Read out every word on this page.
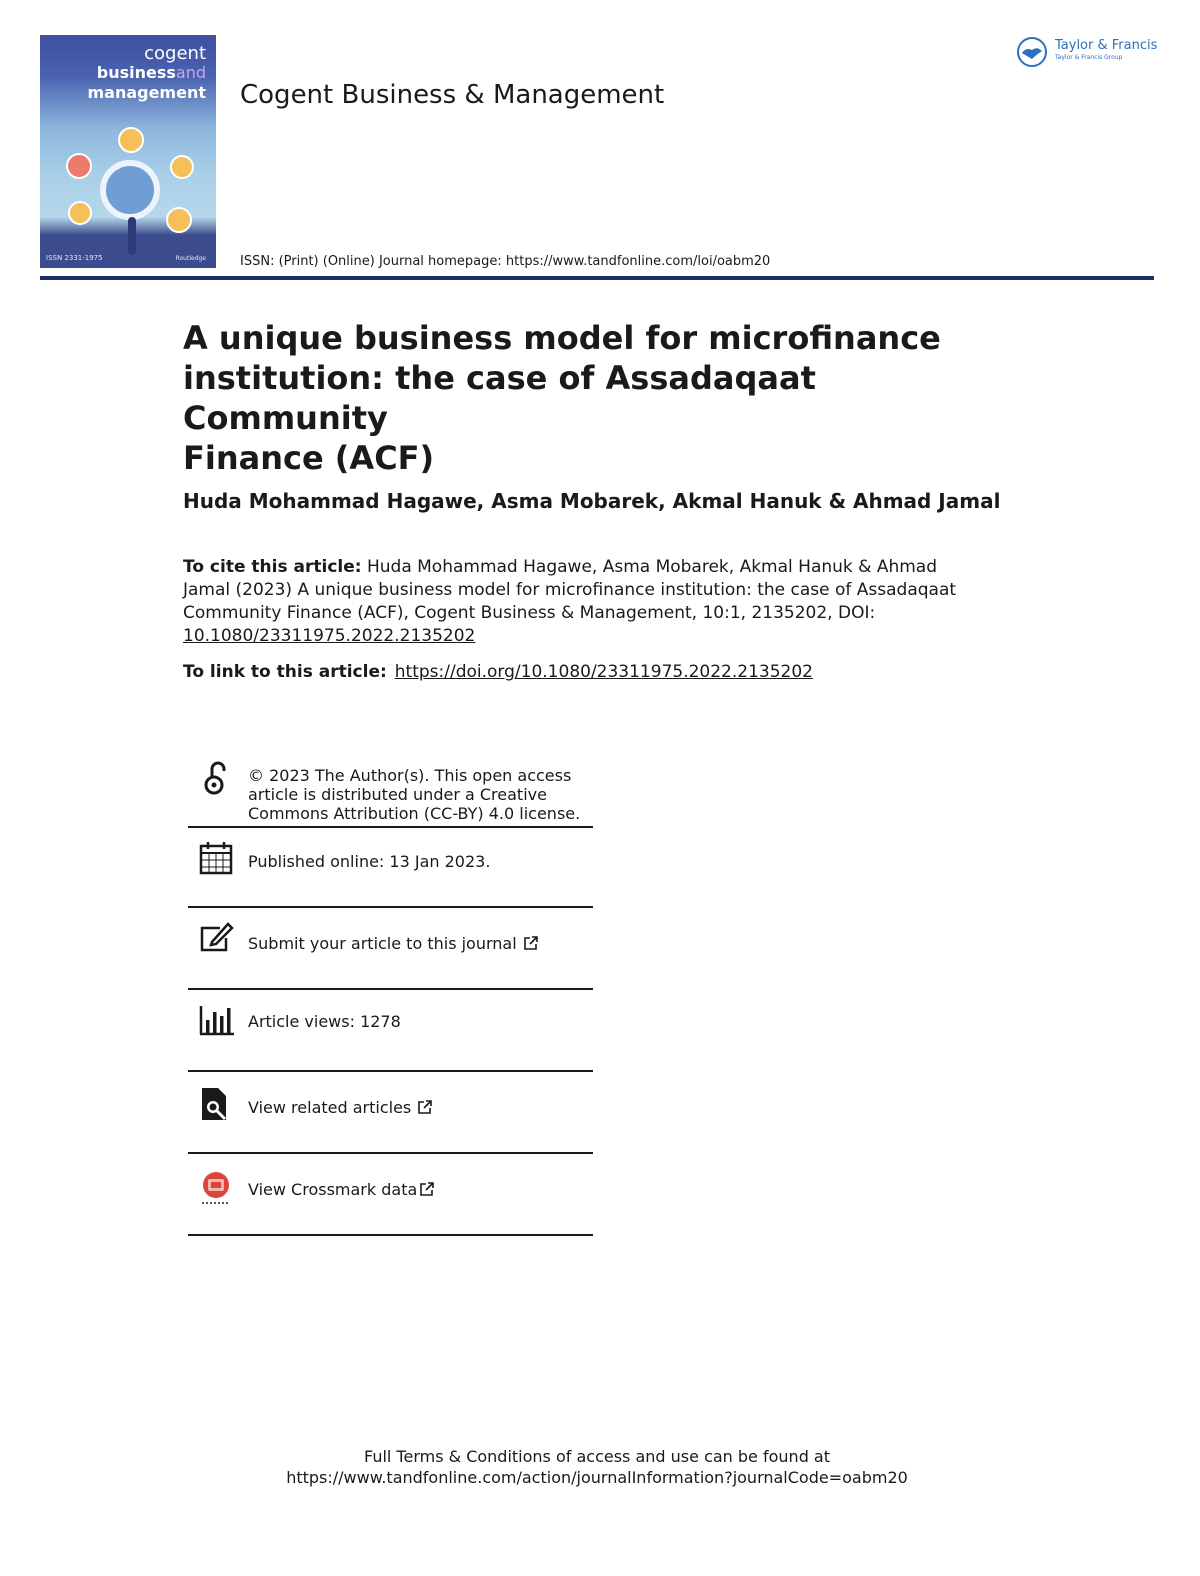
cogent
businessand
management
ISSN 2331-1975	Routledge
Cogent Business & Management
ISSN: (Print) (Online) Journal homepage: https://www.tandfonline.com/loi/oabm20
Taylor & Francis
Taylor & Francis Group
A unique business model for microfinance
institution: the case of Assadaqaat Community
Finance (ACF)
Huda Mohammad Hagawe, Asma Mobarek, Akmal Hanuk & Ahmad Jamal
To cite this article: Huda Mohammad Hagawe, Asma Mobarek, Akmal Hanuk & Ahmad
Jamal (2023) A unique business model for microfinance institution: the case of Assadaqaat
Community Finance (ACF), Cogent Business & Management, 10:1, 2135202, DOI:
10.1080/23311975.2022.2135202
To link to this article: https://doi.org/10.1080/23311975.2022.2135202
© 2023 The Author(s). This open access
article is distributed under a Creative
Commons Attribution (CC-BY) 4.0 license.
Published online: 13 Jan 2023.
Submit your article to this journal
Article views: 1278
View related articles
View Crossmark data
Full Terms & Conditions of access and use can be found at
https://www.tandfonline.com/action/journalInformation?journalCode=oabm20
